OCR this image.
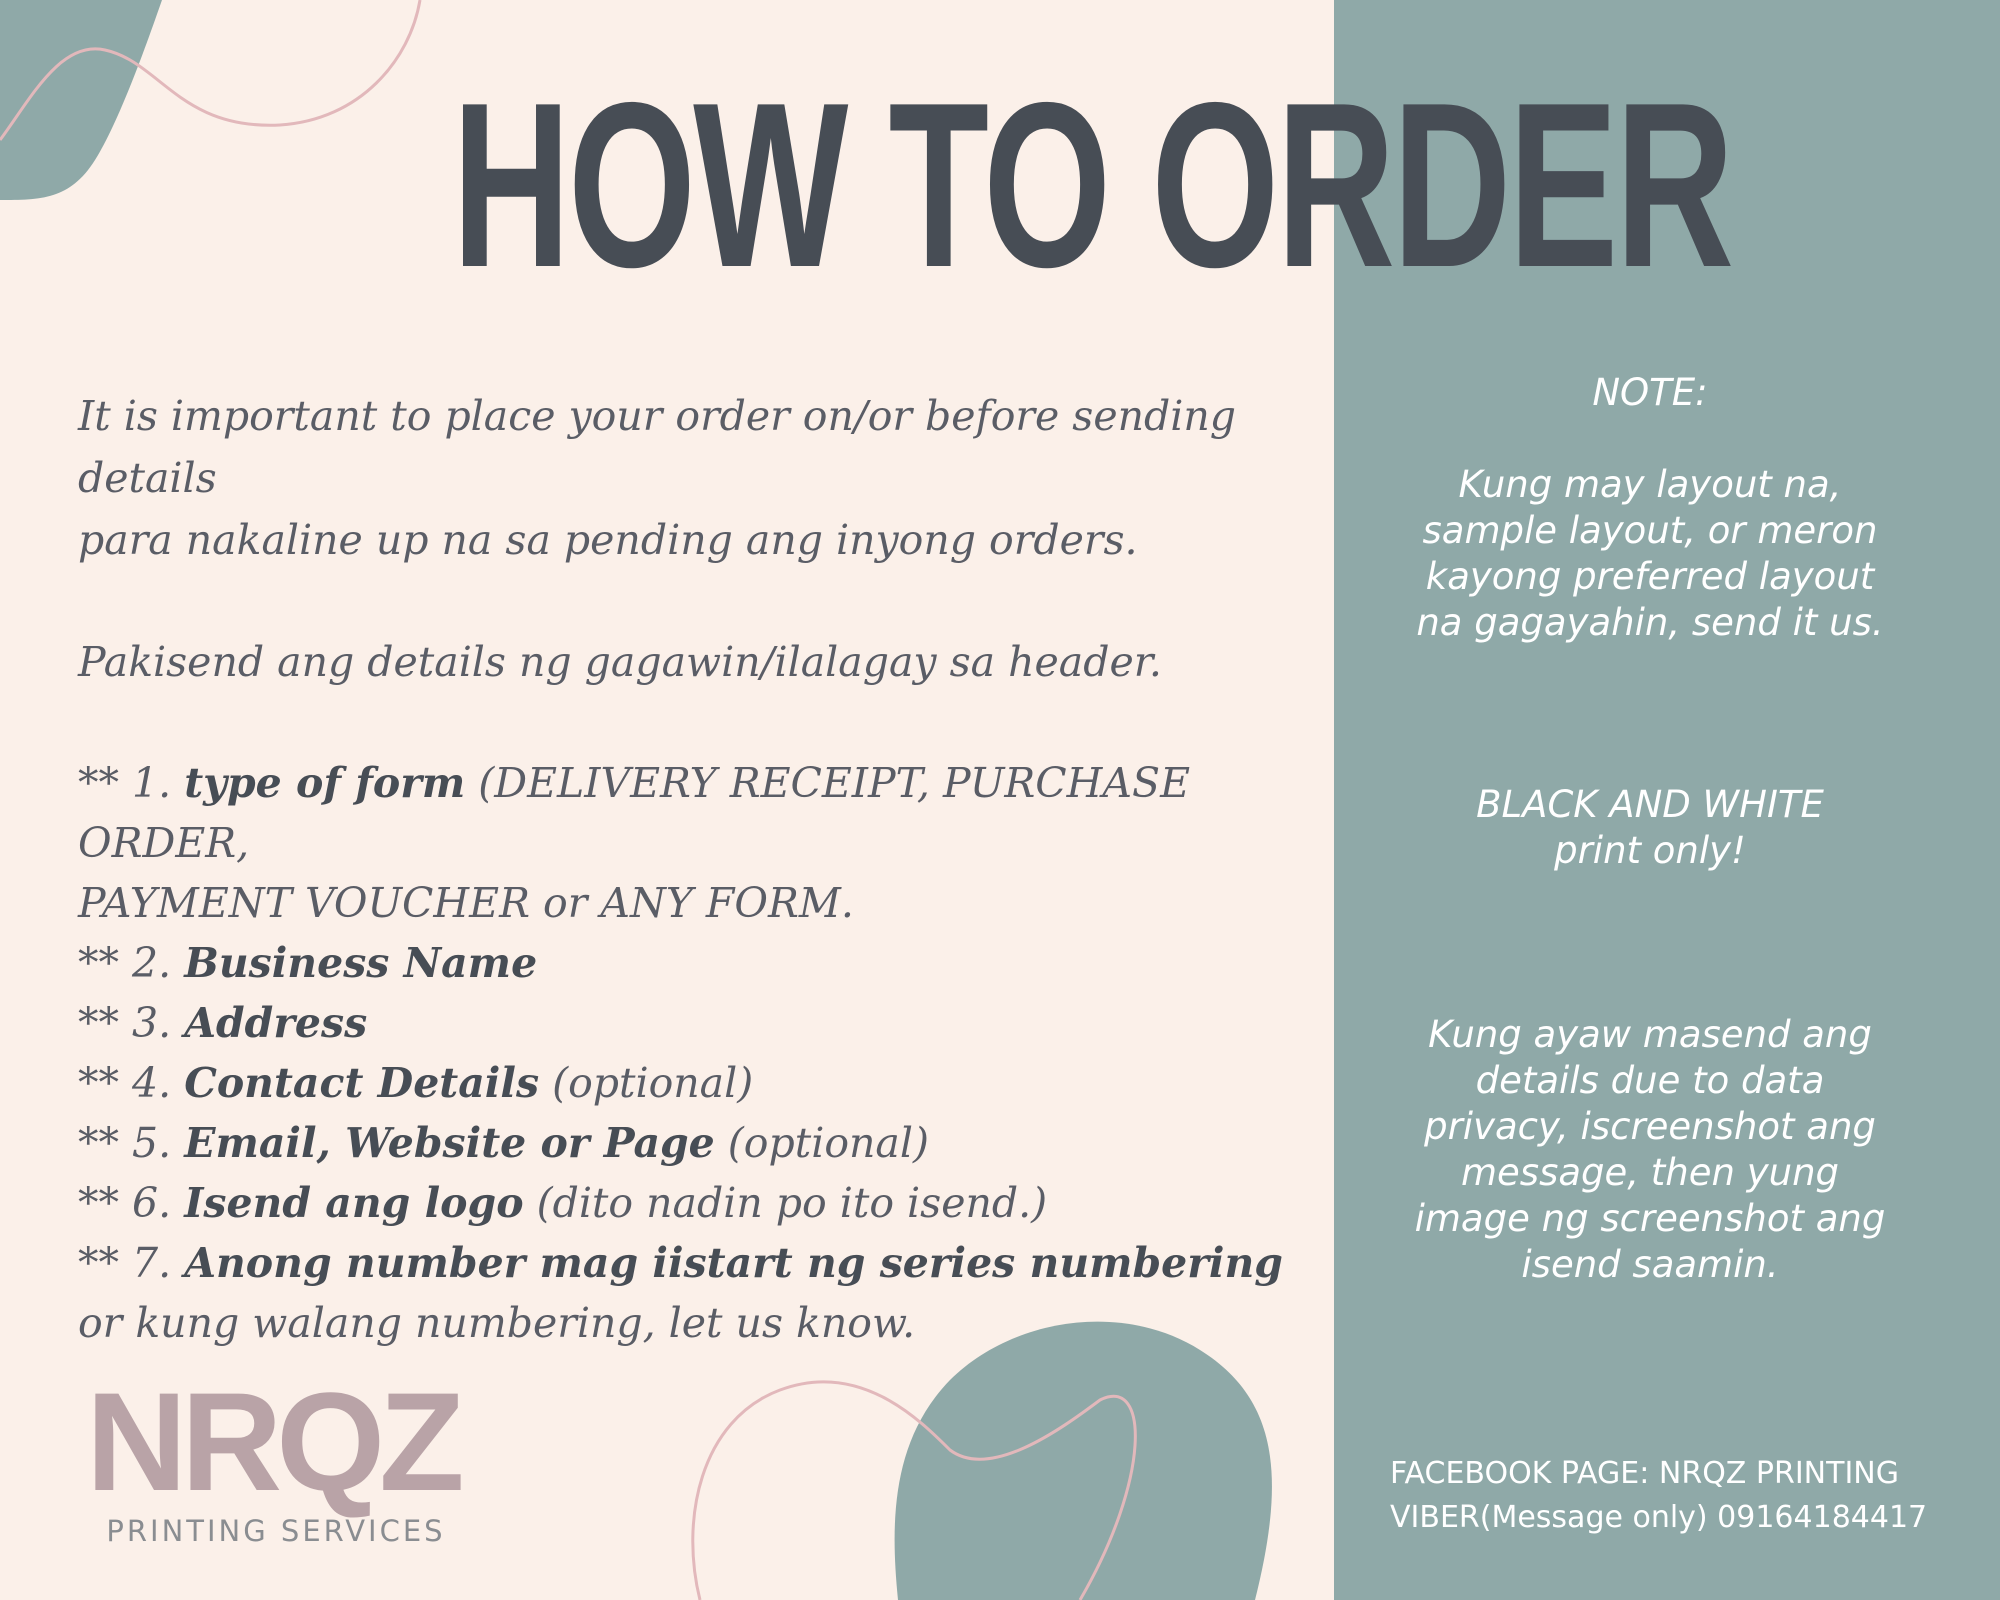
HOW TO ORDER

It is important to place your order on/or before sending details
para nakaline up na sa pending ang inyong orders.

Pakisend ang details ng gagawin/ilalagay sa header.

** 1. type of form (DELIVERY RECEIPT, PURCHASE ORDER,
PAYMENT VOUCHER or ANY FORM.

** 2. Business Name

** 3. Address

** 4. Contact Details (optional)

** 5. Email, Website or Page (optional)

** 6. Isend ang logo (dito nadin po ito isend.)

** 7. Anong number mag iistart ng series numbering
or kung walang numbering, let us know.

NOTE:
Kung may layout na,
sample layout, or meron
kayong preferred layout
na gagayahin, send it us.
BLACK AND WHITE
print only!
Kung ayaw masend ang
details due to data
privacy, iscreenshot ang
message, then yung
image ng screenshot ang
isend saamin.
FACEBOOK PAGE: NRQZ PRINTING
VIBER(Message only) 09164184417
NRQZ
PRINTING SERVICES
